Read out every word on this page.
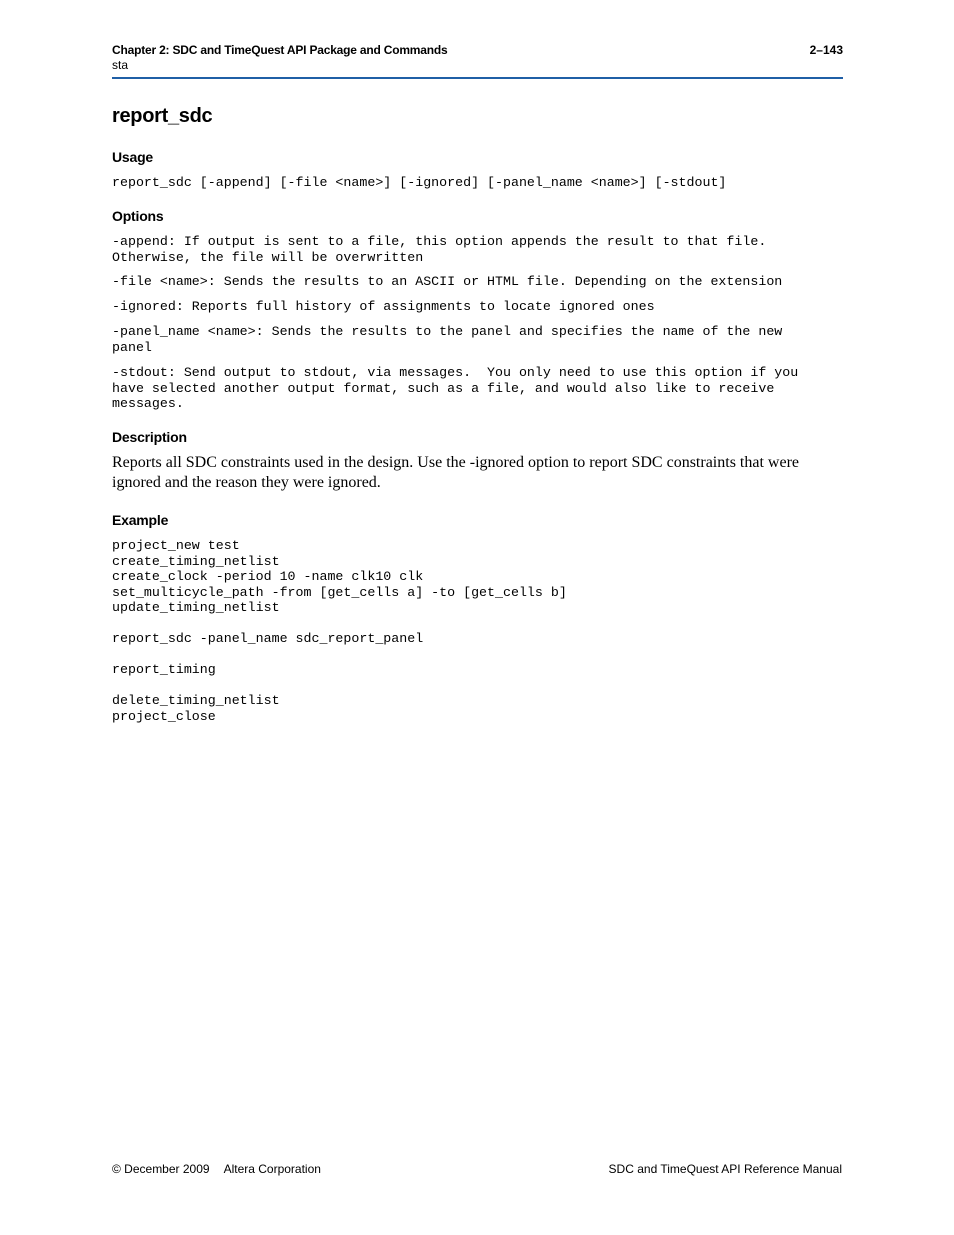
Chapter 2: SDC and TimeQuest API Package and Commands	2–143
sta
report_sdc
Usage
report_sdc [-append] [-file <name>] [-ignored] [-panel_name <name>] [-stdout]
Options
-append: If output is sent to a file, this option appends the result to that file.
Otherwise, the file will be overwritten
-file <name>: Sends the results to an ASCII or HTML file. Depending on the extension
-ignored: Reports full history of assignments to locate ignored ones
-panel_name <name>: Sends the results to the panel and specifies the name of the new
panel
-stdout: Send output to stdout, via messages.  You only need to use this option if you
have selected another output format, such as a file, and would also like to receive
messages.
Description
Reports all SDC constraints used in the design. Use the -ignored option to report SDC constraints that were ignored and the reason they were ignored.
Example
project_new test
create_timing_netlist
create_clock -period 10 -name clk10 clk
set_multicycle_path -from [get_cells a] -to [get_cells b]
update_timing_netlist

report_sdc -panel_name sdc_report_panel

report_timing

delete_timing_netlist
project_close
© December 2009 Altera Corporation	SDC and TimeQuest API Reference Manual
